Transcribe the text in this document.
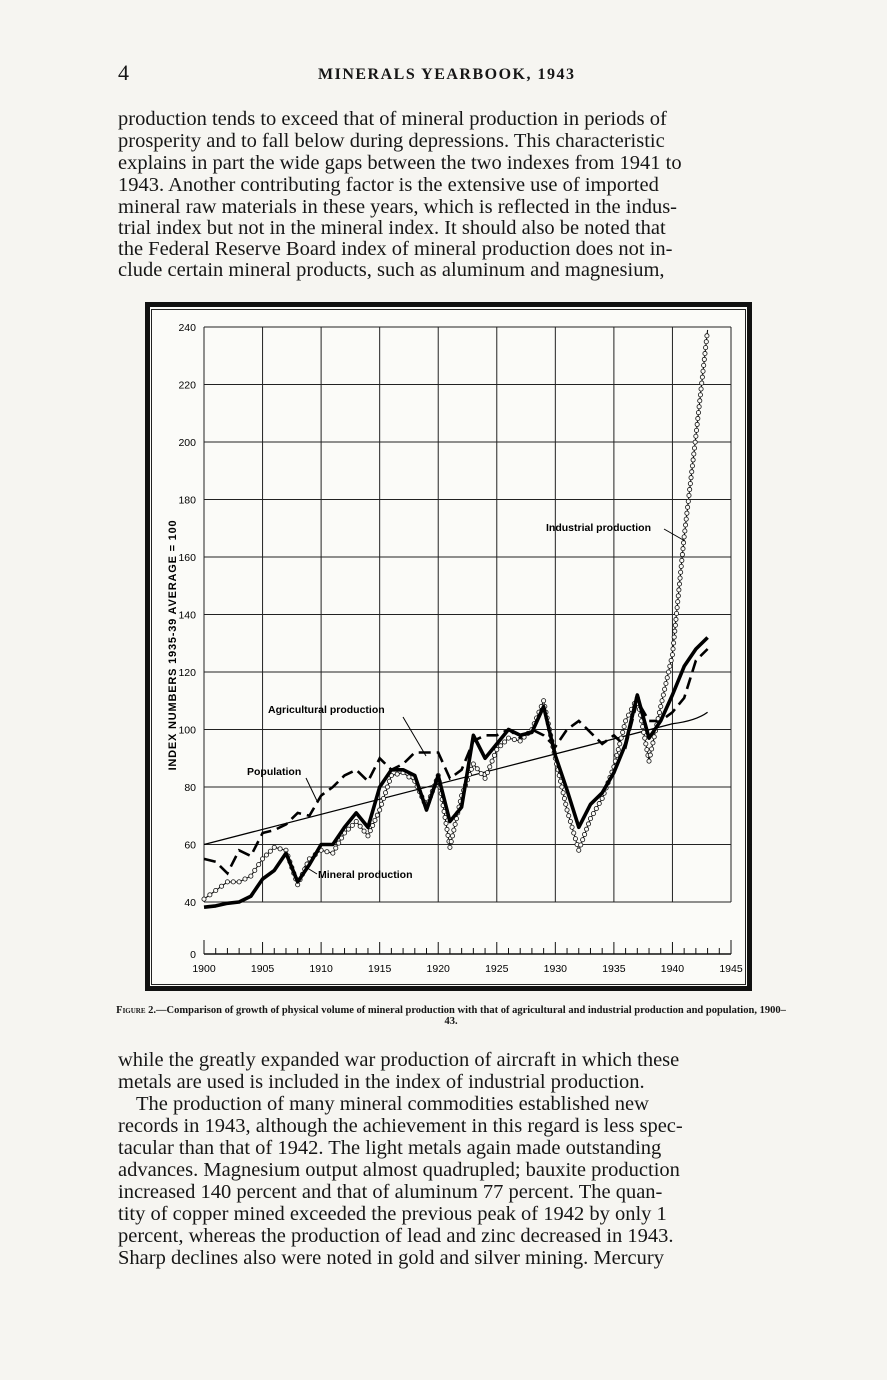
4	MINERALS YEARBOOK, 1943
production tends to exceed that of mineral production in periods of
prosperity and to fall below during depressions. This characteristic
explains in part the wide gaps between the two indexes from 1941 to
1943. Another contributing factor is the extensive use of imported
mineral raw materials in these years, which is reflected in the indus-
trial index but not in the mineral index. It should also be noted that
the Federal Reserve Board index of mineral production does not in-
clude certain mineral products, such as aluminum and magnesium,
0
40
60
80
100
120
140
160
180
200
220
240
1900	1905	1910	1915	1920	1925	1930	1935	1940	1945
INDEX NUMBERS 1935-39 AVERAGE = 100	Industrial production
Agricultural production
Population
Mineral production
Figure 2.—Comparison of growth of physical volume of mineral production with that of agricultural and industrial production and population, 1900–43.
while the greatly expanded war production of aircraft in which these
metals are used is included in the index of industrial production.
The production of many mineral commodities established new
records in 1943, although the achievement in this regard is less spec-
tacular than that of 1942. The light metals again made outstanding
advances. Magnesium output almost quadrupled; bauxite production
increased 140 percent and that of aluminum 77 percent. The quan-
tity of copper mined exceeded the previous peak of 1942 by only 1
percent, whereas the production of lead and zinc decreased in 1943.
Sharp declines also were noted in gold and silver mining. Mercury
